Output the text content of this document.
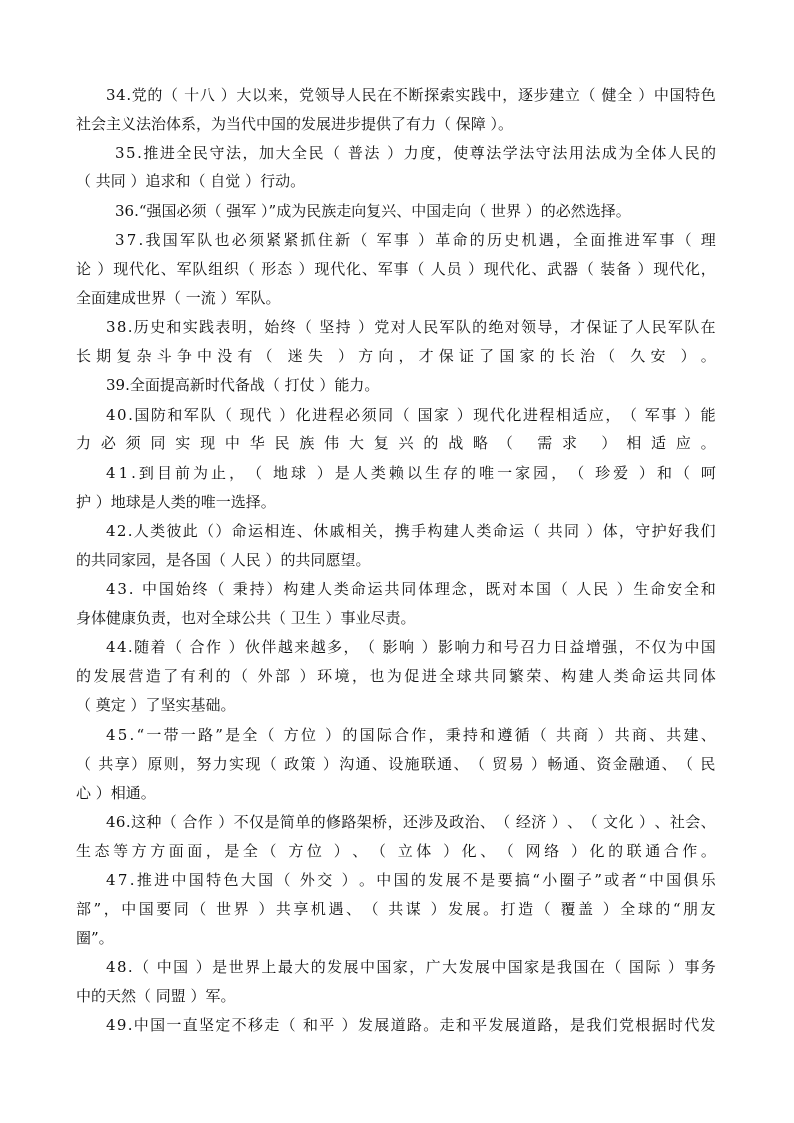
3 4 . 党 的 （
十 八
） 大 以 来 ， 党 领 导 人 民 在 不 断 探 索 实 践 中 ， 逐 步 建 立 （
健 全
） 中 国 特 色
社会主义法治体系，为当代中国的发展进步提供了有力（ 保障 ）。
3 5 . 推 进 全 民 守 法 ， 加 大 全 民 （
普 法
） 力 度 ， 使 尊 法 学 法 守 法 用 法 成 为 全 体 人 民 的
（ 共同 ）追求和（ 自觉 ）行动。
36.“强国必须（ 强军 ）”成为民族走向复兴、中国走向（ 世界 ）的必然选择。
3 7 . 我 国 军 队 也 必 须 紧 紧 抓 住 新 （
军 事
） 革 命 的 历 史 机 遇 ， 全 面 推 进 军 事 （
理
论
） 现 代 化 、 军 队 组 织 （
形 态
） 现 代 化 、 军 事 （
人 员
） 现 代 化 、 武 器 （
装 备
） 现 代 化 ，
全面建成世界（ 一流 ）军队。
3 8 . 历 史 和 实 践 表 明 ， 始 终 （
坚 持
） 党 对 人 民 军 队 的 绝 对 领 导 ， 才 保 证 了 人 民 军 队 在
长 期 复 杂 斗 争 中 没 有 （
迷 失
） 方 向 ， 才 保 证 了 国 家 的 长 治 （
久 安
） 。
39.全面提高新时代备战（ 打仗 ）能力。
4 0 . 国 防 和 军 队 （
现 代
） 化 进 程 必 须 同 （
国 家
） 现 代 化 进 程 相 适 应 ， （
军 事
） 能
力 必 须 同 实 现 中 华 民 族 伟 大 复 兴 的 战 略 （
需 求
） 相 适 应 。
4 1 . 到 目 前 为 止 ， （
地 球
） 是 人 类 赖 以 生 存 的 唯 一 家 园 ， （
珍 爱
） 和 （
呵
护 ）地球是人类的唯一选择。
4 2 . 人 类 彼 此 （ ） 命 运 相 连 、 休 戚 相 关 ， 携 手 构 建 人 类 命 运 （
共 同
） 体 ， 守 护 好 我 们
的共同家园，是各国（ 人民 ）的共同愿望。
4 3 .
中 国 始 终 （
秉 持 ） 构 建 人 类 命 运 共 同 体 理 念 ， 既 对 本 国 （
人 民
） 生 命 安 全 和
身体健康负责，也对全球公共（ 卫生 ）事业尽责。
4 4 . 随 着 （
合 作
） 伙 伴 越 来 越 多 ， （
影 响
） 影 响 力 和 号 召 力 日 益 增 强 ， 不 仅 为 中 国
的 发 展 营 造 了 有 利 的 （
外 部
） 环 境 ， 也 为 促 进 全 球 共 同 繁 荣 、 构 建 人 类 命 运 共 同 体
（ 奠定 ）了坚实基础。
4 5 . “ 一 带 一 路 ” 是 全 （
方 位
） 的 国 际 合 作 ， 秉 持 和 遵 循 （
共 商
） 共 商 、 共 建 、
（
共 享 ） 原 则 ， 努 力 实 现 （
政 策
） 沟 通 、 设 施 联 通 、 （
贸 易
） 畅 通 、 资 金 融 通 、 （
民
心 ）相通。
4 6 . 这 种 （
合 作
） 不 仅 是 简 单 的 修 路 架 桥 ， 还 涉 及 政 治 、 （
经 济
） 、 （
文 化
） 、 社 会 、
生 态 等 方 方 面 面 ， 是 全 （
方 位
） 、 （
立 体
） 化 、 （
网 络
） 化 的 联 通 合 作 。
4 7 . 推 进 中 国 特 色 大 国 （
外 交
） 。 中 国 的 发 展 不 是 要 搞 “ 小 圈 子 ” 或 者 “ 中 国 俱 乐
部 ” ， 中 国 要 同 （
世 界
） 共 享 机 遇 、 （
共 谋
） 发 展 。 打 造 （
覆 盖
） 全 球 的 “ 朋 友
圈”。
4 8 . （
中 国
） 是 世 界 上 最 大 的 发 展 中 国 家 ， 广 大 发 展 中 国 家 是 我 国 在 （
国 际
） 事 务
中的天然（ 同盟 ）军。
4 9 . 中 国 一 直 坚 定 不 移 走 （
和 平
） 发 展 道 路 。 走 和 平 发 展 道 路 ， 是 我 们 党 根 据 时 代 发
